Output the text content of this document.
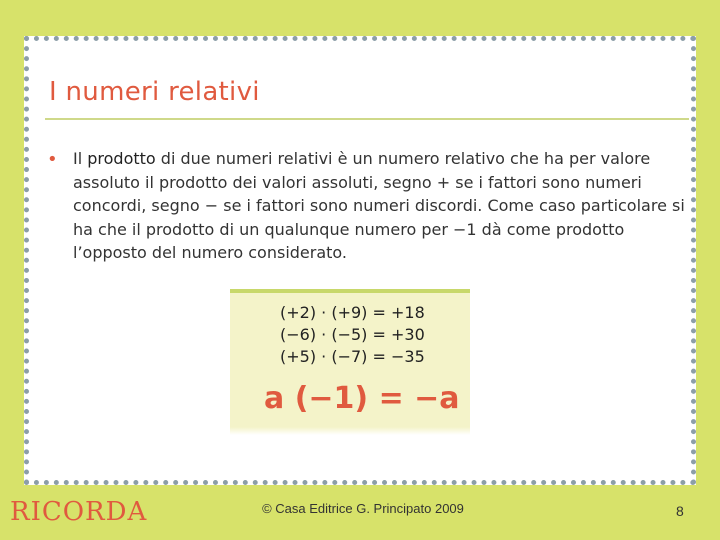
I numeri relativi
• Il prodotto di due numeri relativi è un numero relativo che ha per valore assoluto il prodotto dei valori assoluti, segno + se i fattori sono numeri concordi, segno − se i fattori sono numeri discordi. Come caso particolare si ha che il prodotto di un qualunque numero per −1 dà come prodotto l’opposto del numero considerato.
(+2) · (+9) = +18
(−6) · (−5) = +30
(+5) · (−7) = −35
a (−1) = −a
RICORDA	© Casa Editrice G. Principato 2009	8
